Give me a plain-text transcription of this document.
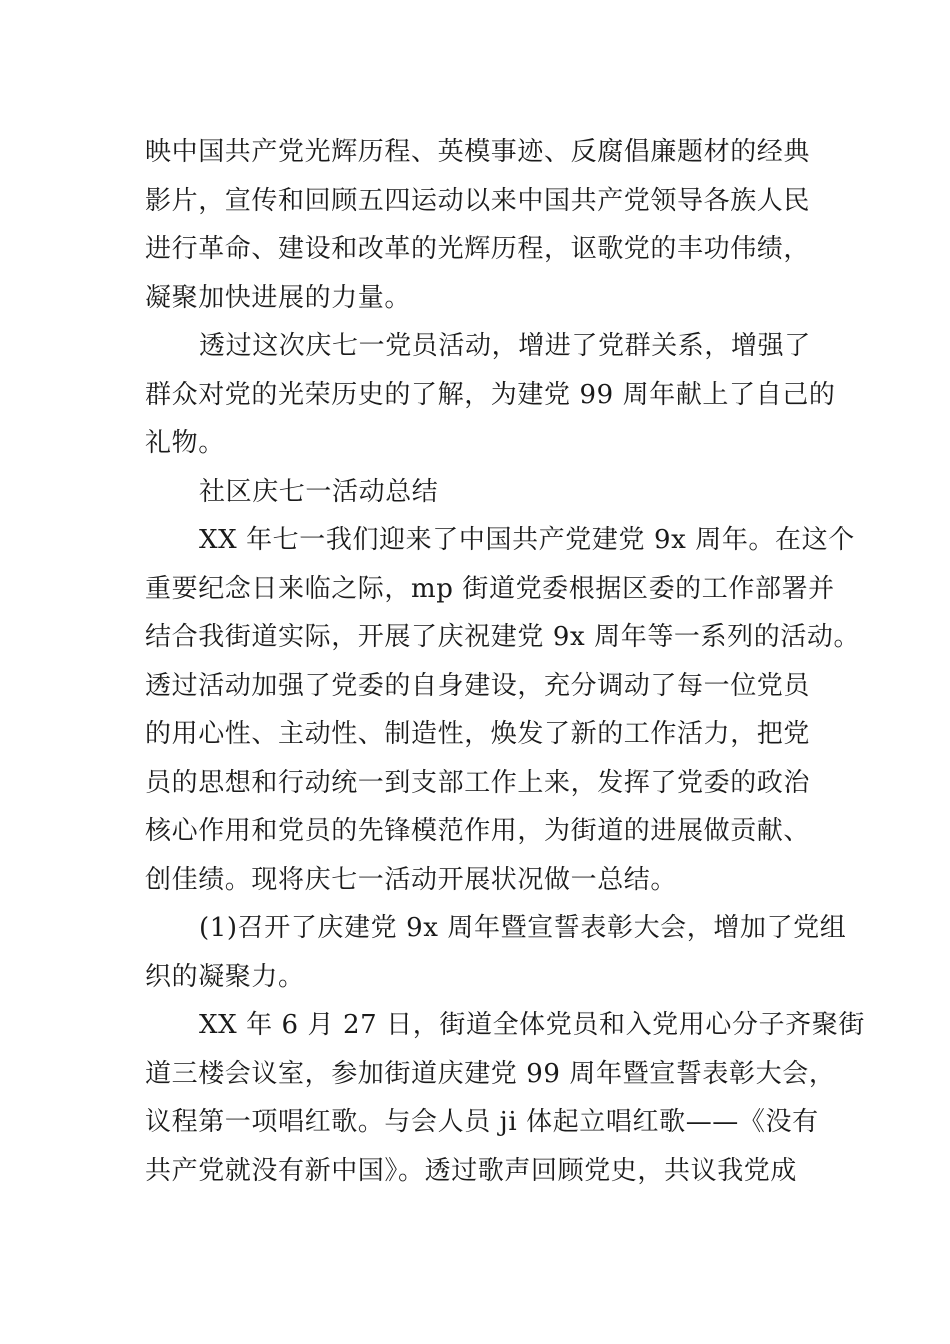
映中国共产党光辉历程、英模事迹、反腐倡廉题材的经典
影片，宣传和回顾五四运动以来中国共产党领导各族人民
进行革命、建设和改革的光辉历程，讴歌党的丰功伟绩，
凝聚加快进展的力量。
透过这次庆七一党员活动，增进了党群关系，增强了
群众对党的光荣历史的了解，为建党 99 周年献上了自己的
礼物。
社区庆七一活动总结
XX 年七一我们迎来了中国共产党建党 9x 周年。在这个
重要纪念日来临之际，mp 街道党委根据区委的工作部署并
结合我街道实际，开展了庆祝建党 9x 周年等一系列的活动。
透过活动加强了党委的自身建设，充分调动了每一位党员
的用心性、主动性、制造性，焕发了新的工作活力，把党
员的思想和行动统一到支部工作上来，发挥了党委的政治
核心作用和党员的先锋模范作用，为街道的进展做贡献、
创佳绩。现将庆七一活动开展状况做一总结。
(1)召开了庆建党 9x 周年暨宣誓表彰大会，增加了党组
织的凝聚力。
XX 年 6 月 27 日，街道全体党员和入党用心分子齐聚街
道三楼会议室，参加街道庆建党 99 周年暨宣誓表彰大会，
议程第一项唱红歌。与会人员 ji 体起立唱红歌——《没有
共产党就没有新中国》。透过歌声回顾党史，共议我党成
